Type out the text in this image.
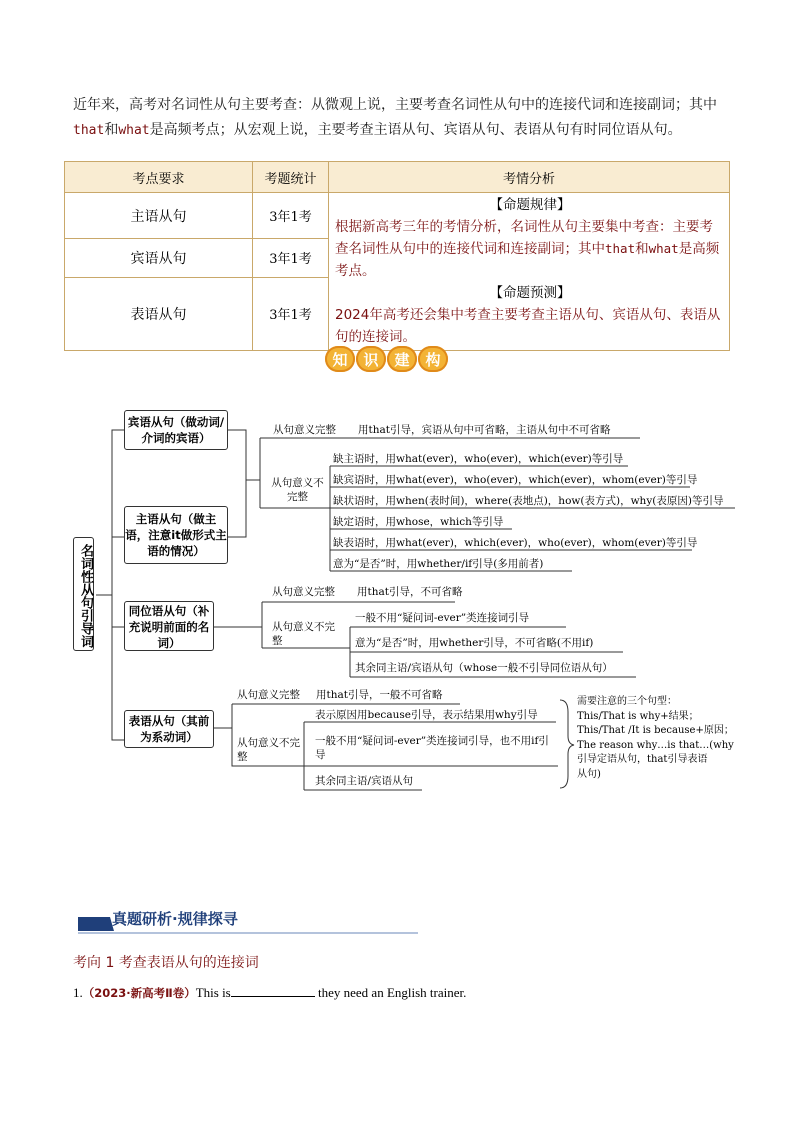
近年来，高考对名词性从句主要考查：从微观上说，主要考查名词性从句中的连接代词和连接副词；其中that和what是高频考点；从宏观上说，主要考查主语从句、宾语从句、表语从句有时同位语从句。
考点要求	考题统计	考情分析
主语从句	3年1考	【命题规律】
根据新高考三年的考情分析，名词性从句主要集中考查：主要考查名词性从句中的连接代词和连接副词；其中that和what是高频考点。
【命题预测】
2024年高考还会集中考查主要考查主语从句、宾语从句、表语从句的连接词。

宾语从句	3年1考	
表语从句	3年1考	
知	识	建	构
名词性从句引导词
宾语从句（做动词/介词的宾语）
主语从句（做主语，注意it做形式主语的情况）
同位语从句（补充说明前面的名词）
表语从句（其前为系动词）
从句意义完整 用that引导，宾语从句中可省略，主语从句中不可省略
从句意义不完整
缺主语时，用what(ever)，who(ever)，which(ever)等引导
缺宾语时，用what(ever)，who(ever)，which(ever)，whom(ever)等引导
缺状语时，用when(表时间)，where(表地点)，how(表方式)，why(表原因)等引导
缺定语时，用whose，which等引导
缺表语时，用what(ever)，which(ever)，who(ever)，whom(ever)等引导
意为“是否”时，用whether/if引导(多用前者)
从句意义完整 用that引导，不可省略
从句意义不完整
一般不用“疑问词-ever”类连接词引导
意为“是否”时，用whether引导，不可省略(不用if)
其余同主语/宾语从句（whose一般不引导同位语从句）
从句意义完整 用that引导，一般不可省略
从句意义不完整
表示原因用because引导，表示结果用why引导
一般不用“疑问词-ever”类连接词引导，也不用if引导
其余同主语/宾语从句
需要注意的三个句型：
This/That is why+结果；
This/That /It is because+原因；
The reason why…is that…(why
引导定语从句，that引导表语
从句)
真题研析·规律探寻
考向 1 考查表语从句的连接词
1.（2023·新高考Ⅱ卷）This is	they need an English trainer.
